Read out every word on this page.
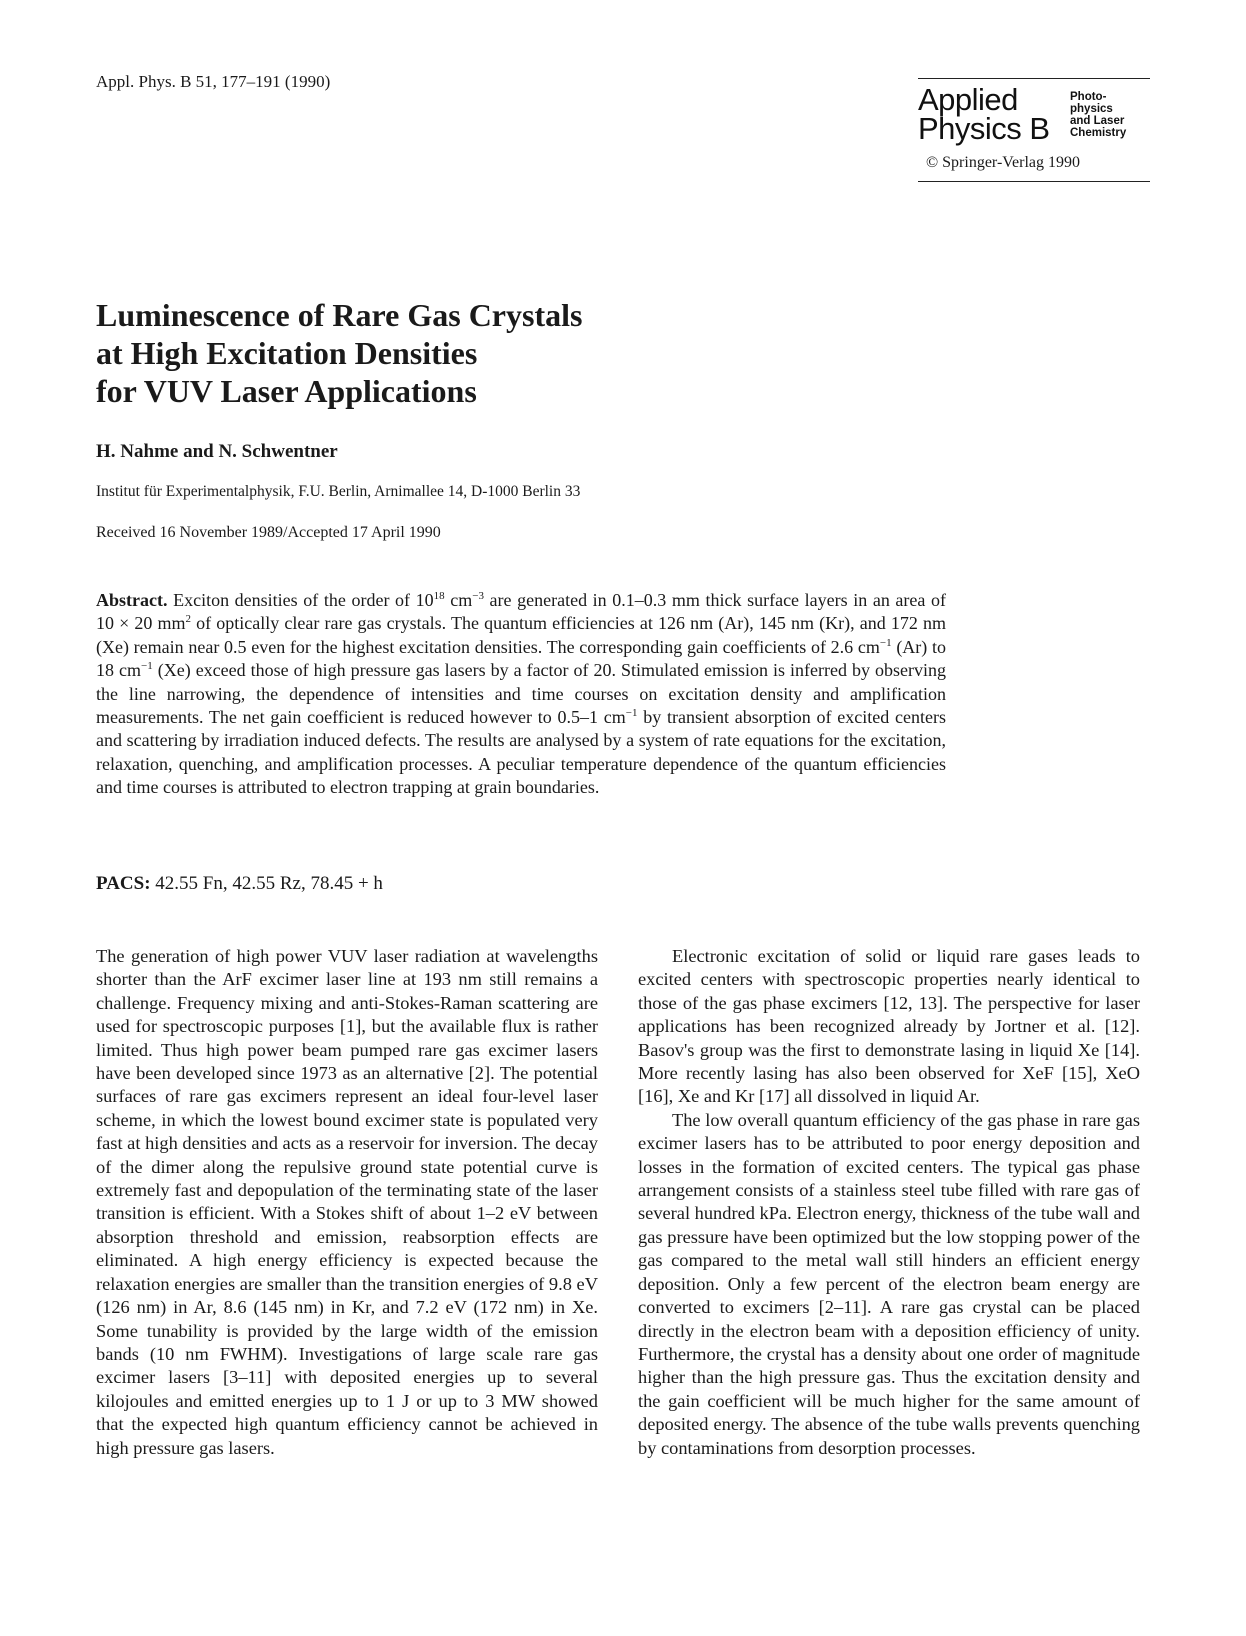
Appl. Phys. B 51, 177–191 (1990)
Applied
Physics B
Photo-
physics
and Laser
Chemistry
© Springer-Verlag 1990
Luminescence of Rare Gas Crystals
at High Excitation Densities
for VUV Laser Applications
H. Nahme and N. Schwentner
Institut für Experimentalphysik, F.U. Berlin, Arnimallee 14, D-1000 Berlin 33
Received 16 November 1989/Accepted 17 April 1990

Abstract. Exciton densities of the order of $10^{18}$ $cm^{-3}$ are generated in 0.1–0.3 mm thick surface layers in an area of 10 × 20 $mm^2$ of optically clear rare gas crystals. The quantum efficiencies at 126 nm (Ar), 145 nm (Kr), and 172 nm (Xe) remain near 0.5 even for the highest excitation densities. The corresponding gain coefficients of 2.6 $cm^{-1}$ (Ar) to 18 $cm^{-1}$ (Xe) exceed those of high pressure gas lasers by a factor of 20. Stimulated emission is inferred by observing the line narrowing, the dependence of intensities and time courses on excitation density and amplification measurements. The net gain coefficient is reduced however to 0.5–1 $cm^{-1}$ by transient absorption of excited centers and scattering by irradiation induced defects. The results are analysed by a system of rate equations for the excitation, relaxation, quenching, and amplification processes. A peculiar temperature dependence of the quantum efficiencies and time courses is attributed to electron trapping at grain boundaries.

PACS: 42.55 Fn, 42.55 Rz, 78.45 + h

The generation of high power VUV laser radiation at wavelengths shorter than the ArF excimer laser line at 193 nm still remains a challenge. Frequency mixing and anti-Stokes-Raman scattering are used for spectroscopic purposes [1], but the available flux is rather limited. Thus high power beam pumped rare gas excimer lasers have been developed since 1973 as an alternative [2]. The potential surfaces of rare gas excimers represent an ideal four-level laser scheme, in which the lowest bound excimer state is populated very fast at high densities and acts as a reservoir for inversion. The decay of the dimer along the repulsive ground state potential curve is extremely fast and depopulation of the terminating state of the laser transition is efficient. With a Stokes shift of about 1–2 eV between absorption threshold and emission, reabsorption effects are eliminated. A high energy efficiency is expected because the relaxation energies are smaller than the transition energies of 9.8 eV (126 nm) in Ar, 8.6 (145 nm) in Kr, and 7.2 eV (172 nm) in Xe. Some tunability is provided by the large width of the emission bands (10 nm FWHM). Investigations of large scale rare gas excimer lasers [3–11] with deposited energies up to several kilojoules and emitted energies up to 1 J or up to 3 MW showed that the expected high quantum efficiency cannot be achieved in high pressure gas lasers.

Electronic excitation of solid or liquid rare gases leads to excited centers with spectroscopic properties nearly identical to those of the gas phase excimers [12, 13]. The perspective for laser applications has been recognized already by Jortner et al. [12]. Basov's group was the first to demonstrate lasing in liquid Xe [14]. More recently lasing has also been observed for XeF [15], XeO [16], Xe and Kr [17] all dissolved in liquid Ar.

The low overall quantum efficiency of the gas phase in rare gas excimer lasers has to be attributed to poor energy deposition and losses in the formation of excited centers. The typical gas phase arrangement consists of a stainless steel tube filled with rare gas of several hundred kPa. Electron energy, thickness of the tube wall and gas pressure have been optimized but the low stopping power of the gas compared to the metal wall still hinders an efficient energy deposition. Only a few percent of the electron beam energy are converted to excimers [2–11]. A rare gas crystal can be placed directly in the electron beam with a deposition efficiency of unity. Furthermore, the crystal has a density about one order of magnitude higher than the high pressure gas. Thus the excitation density and the gain coefficient will be much higher for the same amount of deposited energy. The absence of the tube walls prevents quenching by contaminations from desorption processes.
